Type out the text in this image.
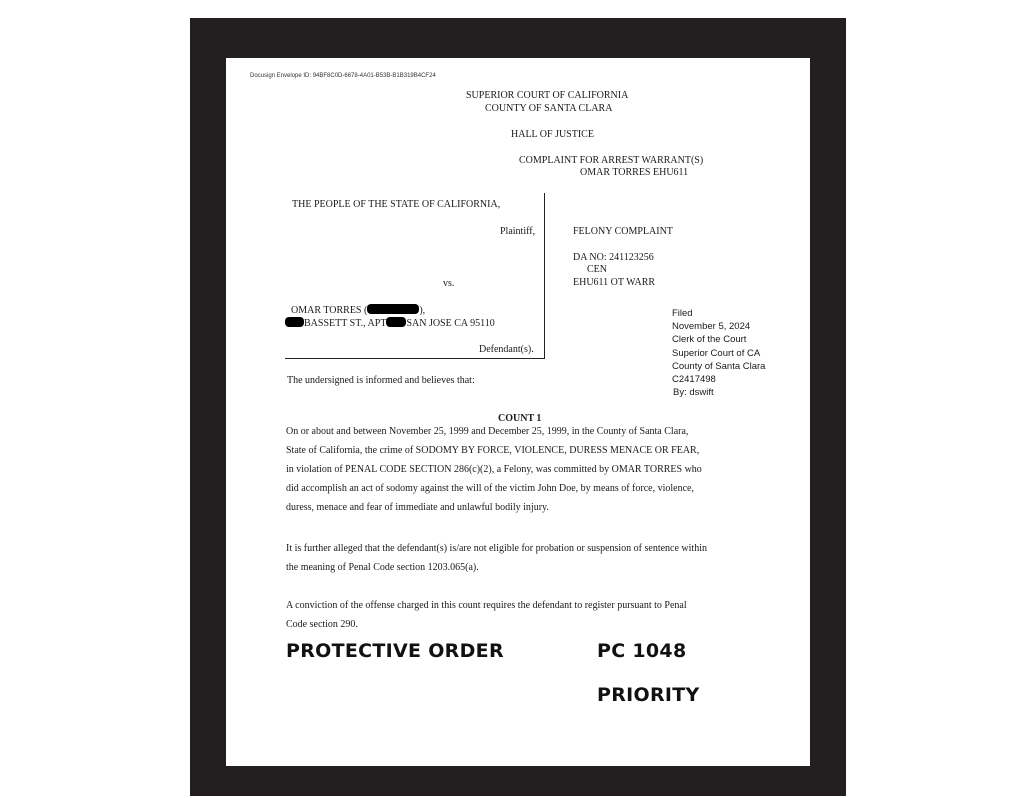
Docusign Envelope ID: 94BF8C0D-6678-4A01-B53B-B1B319B4CF24
SUPERIOR COURT OF CALIFORNIA
COUNTY OF SANTA CLARA
HALL OF JUSTICE
COMPLAINT FOR ARREST WARRANT(S)
OMAR TORRES EHU611
THE PEOPLE OF THE STATE OF CALIFORNIA,
Plaintiff,
vs.
OMAR TORRES (	),
BASSETT ST., APT SAN JOSE CA 95110
Defendant(s).
FELONY COMPLAINT
DA NO: 241123256
CEN
EHU611 OT WARR
Filed
November 5, 2024
Clerk of the Court
Superior Court of CA
County of Santa Clara
C2417498
By: dswift
The undersigned is informed and believes that:
COUNT 1
On or about and between November 25, 1999 and December 25, 1999, in the County of Santa Clara,
State of California, the crime of SODOMY BY FORCE, VIOLENCE, DURESS MENACE OR FEAR,
in violation of PENAL CODE SECTION 286(c)(2), a Felony, was committed by OMAR TORRES who
did accomplish an act of sodomy against the will of the victim John Doe, by means of force, violence,
duress, menace and fear of immediate and unlawful bodily injury.
It is further alleged that the defendant(s) is/are not eligible for probation or suspension of sentence within
the meaning of Penal Code section 1203.065(a).
A conviction of the offense charged in this count requires the defendant to register pursuant to Penal
Code section 290.
PROTECTIVE ORDER	PC 1048
PRIORITY
